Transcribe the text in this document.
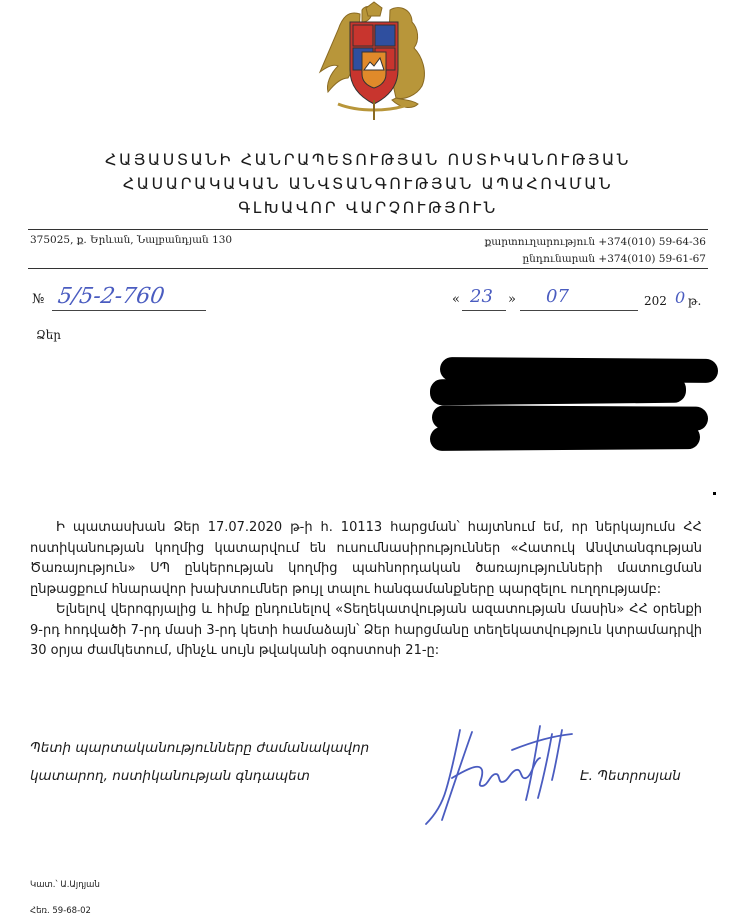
ՀԱՅԱՍՏԱՆԻ ՀԱՆՐԱՊԵՏՈՒԹՅԱՆ ՈՍՏԻԿԱՆՈՒԹՅԱՆ
ՀԱՍԱՐԱԿԱԿԱՆ ԱՆՎՏԱՆԳՈՒԹՅԱՆ ԱՊԱՀՈՎՄԱՆ
ԳԼԽԱՎՈՐ ՎԱՐՉՈՒԹՅՈՒՆ
375025, ք. Երևան, Նալբանդյան 130	քարտուղարություն +374(010) 59-64-36
ընդունարան +374(010) 59-61-67
№ 5/5-2-760
Ձեր
« 23 » 07	202 0 թ.

Ի պատասխան Ձեր 17.07.2020 թ-ի հ. 10113 հարցման՝ հայտնում եմ, որ ներկայումս ՀՀ ոստիկանության կողմից կատարվում են ուսումնասիրություններ «Հատուկ Անվտանգության Ծառայություն» ՍՊ ընկերության կողմից պահնորդական ծառայությունների մատուցման ընթացքում հնարավոր խախտումներ թույլ տալու հանգամանքները պարզելու ուղղությամբ:

Ելնելով վերոգրյալից և հիմք ընդունելով «Տեղեկատվության ազատության մասին» ՀՀ օրենքի 9-րդ հոդվածի 7-րդ մասի 3-րդ կետի համաձայն՝ Ձեր հարցմանը տեղեկատվություն կտրամադրվի 30 օրյա ժամկետում, մինչև սույն թվականի օգոստոսի 21-ը:

Պետի պարտականությունները ժամանակավոր
կատարող, ոստիկանության գնդապետ	Է. Պետրոսյան
Կատ.՝ Ա.Այդյան
Հեռ. 59-68-02
